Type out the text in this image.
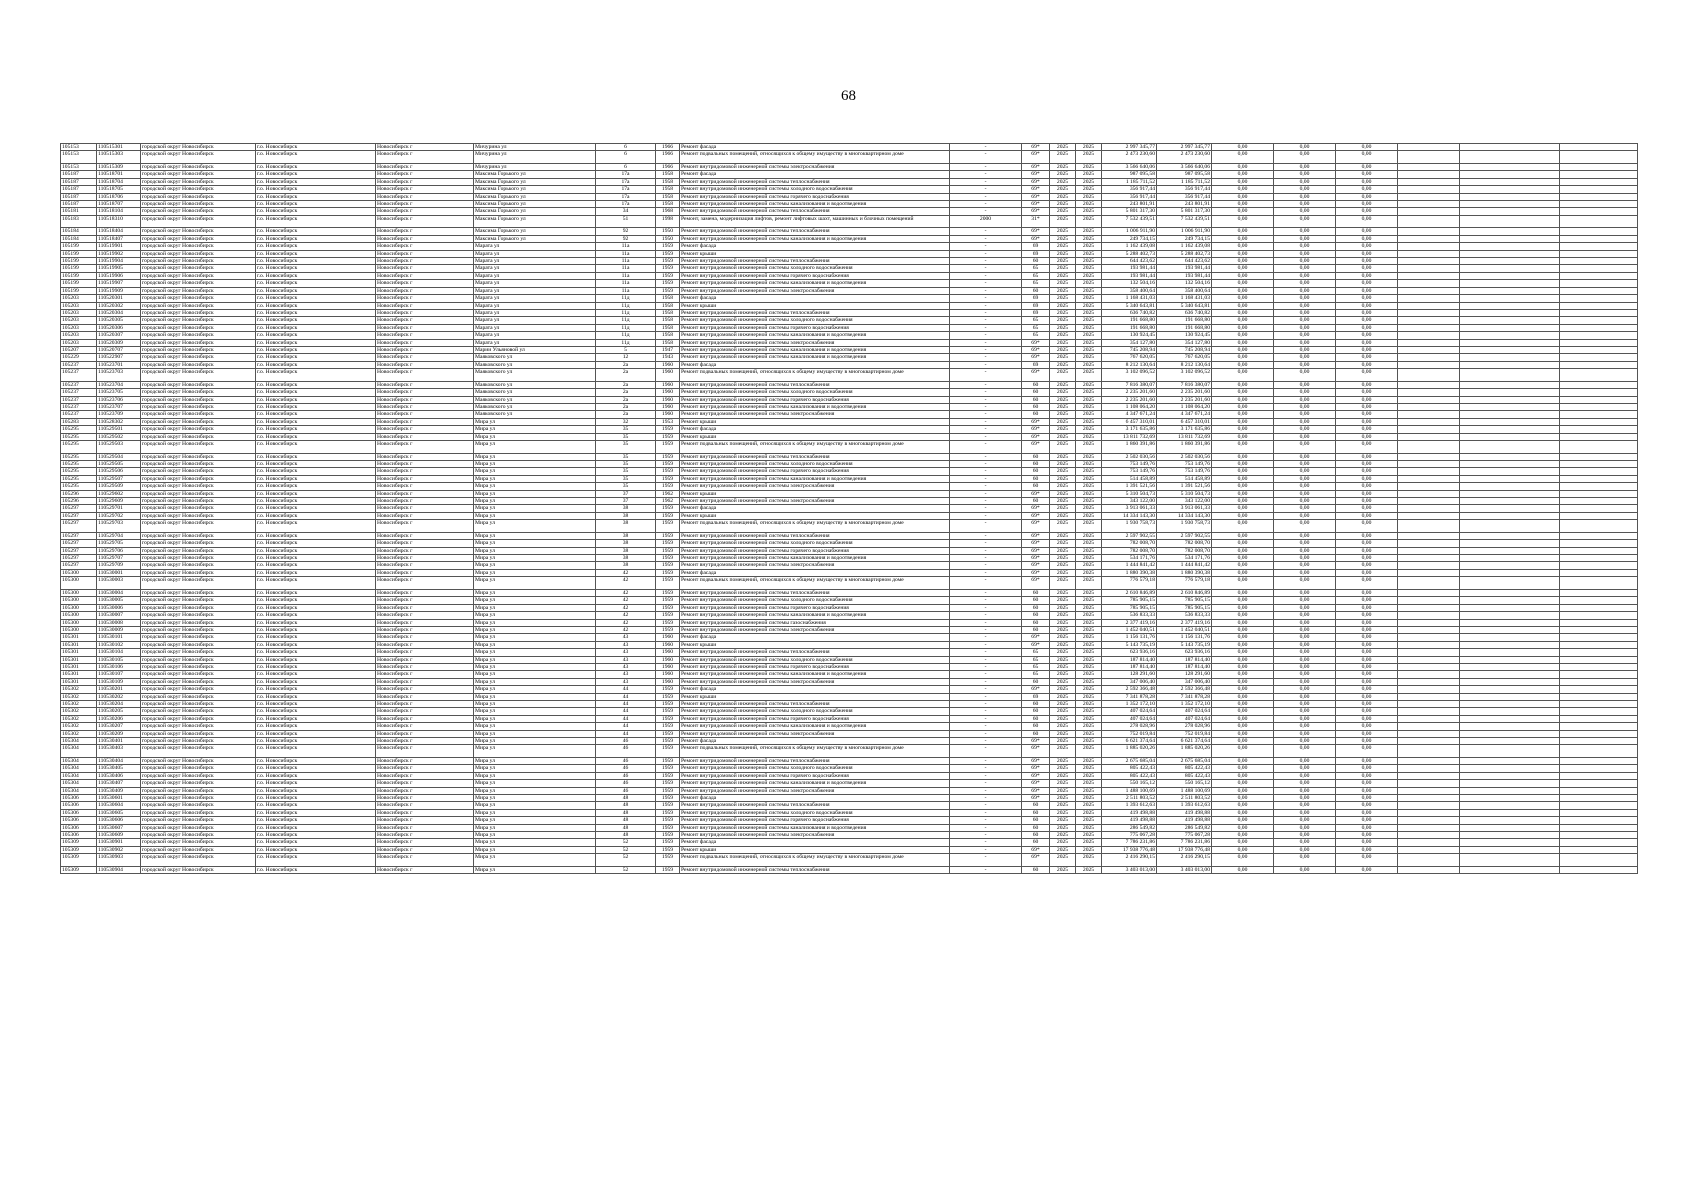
68
105153	110515301	городской округ Новосибирск	г.о. Новосибирск	Новосибирск г	Мичурина ул	6	1966	Ремонт фасада	-	69*	2025	2025	2 997 345,77	2 997 345,77	0,00	0,00	0,00			
105153	110515303	городской округ Новосибирск	г.о. Новосибирск	Новосибирск г	Мичурина ул	6	1966	Ремонт подвальных помещений, относящихся к общему имуществу в многоквартирном доме	-	69*	2025	2025	2 473 230,60	2 473 230,60	0,00	0,00	0,00			
105153	110515309	городской округ Новосибирск	г.о. Новосибирск	Новосибирск г	Мичурина ул	6	1966	Ремонт внутридомовой инженерной системы электроснабжения	-	69*	2025	2025	3 566 640,06	3 566 640,06	0,00	0,00	0,00			
105187	110518701	городской округ Новосибирск	г.о. Новосибирск	Новосибирск г	Максима Горького ул	17а	1958	Ремонт фасада	-	69*	2025	2025	987 095,58	987 095,58	0,00	0,00	0,00			
105187	110518704	городской округ Новосибирск	г.о. Новосибирск	Новосибирск г	Максима Горького ул	17а	1958	Ремонт внутридомовой инженерной системы теплоснабжения	-	69*	2025	2025	1 185 711,52	1 185 711,52	0,00	0,00	0,00			
105187	110518705	городской округ Новосибирск	г.о. Новосибирск	Новосибирск г	Максима Горького ул	17а	1958	Ремонт внутридомовой инженерной системы холодного водоснабжения	-	69*	2025	2025	356 917,44	356 917,44	0,00	0,00	0,00			
105187	110518706	городской округ Новосибирск	г.о. Новосибирск	Новосибирск г	Максима Горького ул	17а	1958	Ремонт внутридомовой инженерной системы горячего водоснабжения	-	69*	2025	2025	356 917,44	356 917,44	0,00	0,00	0,00			
105187	110518707	городской округ Новосибирск	г.о. Новосибирск	Новосибирск г	Максима Горького ул	17а	1958	Ремонт внутридомовой инженерной системы канализования и водоотведения	-	69*	2025	2025	243 801,91	243 801,91	0,00	0,00	0,00			
105181	110518104	городской округ Новосибирск	г.о. Новосибирск	Новосибирск г	Максима Горького ул	34	1968	Ремонт внутридомовой инженерной системы теплоснабжения	-	69*	2025	2025	5 801 317,30	5 801 317,30	0,00	0,00	0,00			
105183	110518310	городской округ Новосибирск	г.о. Новосибирск	Новосибирск г	Максима Горького ул	51	1998	Ремонт, замена, модернизация лифтов, ремонт лифтовых шахт, машинных и блочных помещений	2000	31*	2025	2025	7 532 439,51	7 532 439,51	0,00	0,00	0,00			
105184	110518404	городской округ Новосибирск	г.о. Новосибирск	Новосибирск г	Максима Горького ул	92	1950	Ремонт внутридомовой инженерной системы теплоснабжения	-	69*	2025	2025	1 006 911,90	1 006 911,90	0,00	0,00	0,00			
105184	110518407	городской округ Новосибирск	г.о. Новосибирск	Новосибирск г	Максима Горького ул	92	1950	Ремонт внутридомовой инженерной системы канализования и водоотведения	-	69*	2025	2025	249 734,15	249 734,15	0,00	0,00	0,00			
105199	110519901	городской округ Новосибирск	г.о. Новосибирск	Новосибирск г	Марата ул	11а	1959	Ремонт фасада	-	69	2025	2025	1 162 439,08	1 162 439,08	0,00	0,00	0,00			
105199	110519902	городской округ Новосибирск	г.о. Новосибирск	Новосибирск г	Марата ул	11а	1959	Ремонт крыши	-	69	2025	2025	5 288 402,73	5 288 402,73	0,00	0,00	0,00			
105199	110519904	городской округ Новосибирск	г.о. Новосибирск	Новосибирск г	Марата ул	11а	1959	Ремонт внутридомовой инженерной системы теплоснабжения	-	60	2025	2025	644 423,62	644 423,62	0,00	0,00	0,00			
105199	110519905	городской округ Новосибирск	г.о. Новосибирск	Новосибирск г	Марата ул	11а	1959	Ремонт внутридомовой инженерной системы холодного водоснабжения	-	65	2025	2025	193 981,44	193 981,44	0,00	0,00	0,00			
105199	110519906	городской округ Новосибирск	г.о. Новосибирск	Новосибирск г	Марата ул	11а	1959	Ремонт внутридомовой инженерной системы горячего водоснабжения	-	65	2025	2025	193 981,44	193 981,44	0,00	0,00	0,00			
105199	110519907	городской округ Новосибирск	г.о. Новосибирск	Новосибирск г	Марата ул	11а	1959	Ремонт внутридомовой инженерной системы канализования и водоотведения	-	65	2025	2025	132 504,16	132 504,16	0,00	0,00	0,00			
105199	110519909	городской округ Новосибирск	г.о. Новосибирск	Новосибирск г	Марата ул	11а	1959	Ремонт внутридомовой инженерной системы электроснабжения	-	60	2025	2025	358 400,64	358 400,64	0,00	0,00	0,00			
105203	110520301	городской округ Новосибирск	г.о. Новосибирск	Новосибирск г	Марата ул	11д	1958	Ремонт фасада	-	69	2025	2025	1 168 431,03	1 168 431,03	0,00	0,00	0,00			
105203	110520302	городской округ Новосибирск	г.о. Новосибирск	Новосибирск г	Марата ул	11д	1958	Ремонт крыши	-	69	2025	2025	5 340 643,81	5 340 643,81	0,00	0,00	0,00			
105203	110520304	городской округ Новосибирск	г.о. Новосибирск	Новосибирск г	Марата ул	11д	1958	Ремонт внутридомовой инженерной системы теплоснабжения	-	69	2025	2025	636 740,82	636 740,82	0,00	0,00	0,00			
105203	110520305	городской округ Новосибирск	г.о. Новосибирск	Новосибирск г	Марата ул	11д	1958	Ремонт внутридомовой инженерной системы холодного водоснабжения	-	65	2025	2025	191 668,80	191 668,80	0,00	0,00	0,00			
105203	110520306	городской округ Новосибирск	г.о. Новосибирск	Новосибирск г	Марата ул	11д	1958	Ремонт внутридомовой инженерной системы горячего водоснабжения	-	65	2025	2025	191 668,80	191 668,80	0,00	0,00	0,00			
105203	110520307	городской округ Новосибирск	г.о. Новосибирск	Новосибирск г	Марата ул	11д	1958	Ремонт внутридомовой инженерной системы канализования и водоотведения	-	65	2025	2025	130 924,45	130 924,45	0,00	0,00	0,00			
105203	110520309	городской округ Новосибирск	г.о. Новосибирск	Новосибирск г	Марата ул	11д	1958	Ремонт внутридомовой инженерной системы электроснабжения	-	69*	2025	2025	354 127,80	354 127,80	0,00	0,00	0,00			
105207	110520707	городской округ Новосибирск	г.о. Новосибирск	Новосибирск г	Марии Ульяновой ул	5	1947	Ремонт внутридомовой инженерной системы канализования и водоотведения	-	69*	2025	2025	745 208,94	745 208,94	0,00	0,00	0,00			
105229	110522907	городской округ Новосибирск	г.о. Новосибирск	Новосибирск г	Маяковского ул	12	1943	Ремонт внутридомовой инженерной системы канализования и водоотведения	-	69*	2025	2025	767 620,05	767 620,05	0,00	0,00	0,00			
105237	110523701	городской округ Новосибирск	г.о. Новосибирск	Новосибирск г	Маяковского ул	2а	1960	Ремонт фасада	-	69	2025	2025	8 212 130,64	8 212 130,64	0,00	0,00	0,00			
105237	110523703	городской округ Новосибирск	г.о. Новосибирск	Новосибирск г	Маяковского ул	2а	1960	Ремонт подвальных помещений, относящихся к общему имуществу в многоквартирном доме	-	69*	2025	2025	3 102 096,52	3 102 096,52	0,00	0,00	0,00			
105237	110523704	городской округ Новосибирск	г.о. Новосибирск	Новосибирск г	Маяковского ул	2а	1960	Ремонт внутридомовой инженерной системы теплоснабжения	-	60	2025	2025	7 816 380,07	7 816 380,07	0,00	0,00	0,00			
105237	110523705	городской округ Новосибирск	г.о. Новосибирск	Новосибирск г	Маяковского ул	2а	1960	Ремонт внутридомовой инженерной системы холодного водоснабжения	-	60	2025	2025	2 235 201,60	2 235 201,60	0,00	0,00	0,00			
105237	110523706	городской округ Новосибирск	г.о. Новосибирск	Новосибирск г	Маяковского ул	2а	1960	Ремонт внутридомовой инженерной системы горячего водоснабжения	-	60	2025	2025	2 235 201,60	2 235 201,60	0,00	0,00	0,00			
105237	110523707	городской округ Новосибирск	г.о. Новосибирск	Новосибирск г	Маяковского ул	2а	1960	Ремонт внутридомовой инженерной системы канализования и водоотведения	-	60	2025	2025	1 108 064,20	1 108 064,20	0,00	0,00	0,00			
105237	110523709	городской округ Новосибирск	г.о. Новосибирск	Новосибирск г	Маяковского ул	2а	1960	Ремонт внутридомовой инженерной системы электроснабжения	-	60	2025	2025	4 347 671,24	4 347 671,24	0,00	0,00	0,00			
105283	110528302	городской округ Новосибирск	г.о. Новосибирск	Новосибирск г	Мира ул	32	1953	Ремонт крыши	-	69*	2025	2025	6 457 310,01	6 457 310,01	0,00	0,00	0,00			
105295	110529501	городской округ Новосибирск	г.о. Новосибирск	Новосибирск г	Мира ул	35	1959	Ремонт фасада	-	69*	2025	2025	3 171 635,86	3 171 635,86	0,00	0,00	0,00			
105295	110529502	городской округ Новосибирск	г.о. Новосибирск	Новосибирск г	Мира ул	35	1959	Ремонт крыши	-	69*	2025	2025	13 811 732,69	13 811 732,69	0,00	0,00	0,00			
105295	110529503	городской округ Новосибирск	г.о. Новосибирск	Новосибирск г	Мира ул	35	1959	Ремонт подвальных помещений, относящихся к общему имуществу в многоквартирном доме	-	69*	2025	2025	1 860 391,86	1 860 391,86	0,00	0,00	0,00			
105295	110529504	городской округ Новосибирск	г.о. Новосибирск	Новосибирск г	Мира ул	35	1959	Ремонт внутридомовой инженерной системы теплоснабжения	-	60	2025	2025	2 502 030,56	2 502 030,56	0,00	0,00	0,00			
105295	110529505	городской округ Новосибирск	г.о. Новосибирск	Новосибирск г	Мира ул	35	1959	Ремонт внутридомовой инженерной системы холодного водоснабжения	-	60	2025	2025	753 149,76	753 149,76	0,00	0,00	0,00			
105295	110529506	городской округ Новосибирск	г.о. Новосибирск	Новосибирск г	Мира ул	35	1959	Ремонт внутридомовой инженерной системы горячего водоснабжения	-	60	2025	2025	753 149,76	753 149,76	0,00	0,00	0,00			
105295	110529507	городской округ Новосибирск	г.о. Новосибирск	Новосибирск г	Мира ул	35	1959	Ремонт внутридомовой инженерной системы канализования и водоотведения	-	60	2025	2025	514 458,89	514 458,89	0,00	0,00	0,00			
105295	110529509	городской округ Новосибирск	г.о. Новосибирск	Новосибирск г	Мира ул	35	1959	Ремонт внутридомовой инженерной системы электроснабжения	-	60	2025	2025	1 391 521,56	1 391 521,56	0,00	0,00	0,00			
105296	110529602	городской округ Новосибирск	г.о. Новосибирск	Новосибирск г	Мира ул	37	1962	Ремонт крыши	-	69*	2025	2025	5 310 504,73	5 310 504,73	0,00	0,00	0,00			
105296	110529609	городской округ Новосибирск	г.о. Новосибирск	Новосибирск г	Мира ул	37	1962	Ремонт внутридомовой инженерной системы электроснабжения	-	60	2025	2025	343 122,00	343 122,00	0,00	0,00	0,00			
105297	110529701	городской округ Новосибирск	г.о. Новосибирск	Новосибирск г	Мира ул	38	1959	Ремонт фасада	-	69*	2025	2025	3 913 061,33	3 913 061,33	0,00	0,00	0,00			
105297	110529702	городской округ Новосибирск	г.о. Новосибирск	Новосибирск г	Мира ул	38	1959	Ремонт крыши	-	69*	2025	2025	14 334 143,30	14 334 143,30	0,00	0,00	0,00			
105297	110529703	городской округ Новосибирск	г.о. Новосибирск	Новосибирск г	Мира ул	38	1959	Ремонт подвальных помещений, относящихся к общему имуществу в многоквартирном доме	-	69*	2025	2025	1 930 758,73	1 930 758,73	0,00	0,00	0,00			
105297	110529704	городской округ Новосибирск	г.о. Новосибирск	Новосибирск г	Мира ул	38	1959	Ремонт внутридомовой инженерной системы теплоснабжения	-	69*	2025	2025	2 597 902,55	2 597 902,55	0,00	0,00	0,00			
105297	110529705	городской округ Новосибирск	г.о. Новосибирск	Новосибирск г	Мира ул	38	1959	Ремонт внутридомовой инженерной системы холодного водоснабжения	-	69*	2025	2025	782 008,70	782 008,70	0,00	0,00	0,00			
105297	110529706	городской округ Новосибирск	г.о. Новосибирск	Новосибирск г	Мира ул	38	1959	Ремонт внутридомовой инженерной системы горячего водоснабжения	-	69*	2025	2025	782 008,70	782 008,70	0,00	0,00	0,00			
105297	110529707	городской округ Новосибирск	г.о. Новосибирск	Новосибирск г	Мира ул	38	1959	Ремонт внутридомовой инженерной системы канализования и водоотведения	-	69*	2025	2025	534 171,76	534 171,76	0,00	0,00	0,00			
105297	110529709	городской округ Новосибирск	г.о. Новосибирск	Новосибирск г	Мира ул	38	1959	Ремонт внутридомовой инженерной системы электроснабжения	-	69*	2025	2025	1 444 841,42	1 444 841,42	0,00	0,00	0,00			
105300	110530001	городской округ Новосибирск	г.о. Новосибирск	Новосибирск г	Мира ул	42	1959	Ремонт фасада	-	69*	2025	2025	1 880 390,38	1 880 390,38	0,00	0,00	0,00			
105300	110530003	городской округ Новосибирск	г.о. Новосибирск	Новосибирск г	Мира ул	42	1959	Ремонт подвальных помещений, относящихся к общему имуществу в многоквартирном доме	-	69*	2025	2025	776 579,18	776 579,18	0,00	0,00	0,00			
105300	110530004	городской округ Новосибирск	г.о. Новосибирск	Новосибирск г	Мира ул	42	1959	Ремонт внутридомовой инженерной системы теплоснабжения	-	60	2025	2025	2 610 846,89	2 610 846,89	0,00	0,00	0,00			
105300	110530005	городской округ Новосибирск	г.о. Новосибирск	Новосибирск г	Мира ул	42	1959	Ремонт внутридомовой инженерной системы холодного водоснабжения	-	60	2025	2025	785 905,15	785 905,15	0,00	0,00	0,00			
105300	110530006	городской округ Новосибирск	г.о. Новосибирск	Новосибирск г	Мира ул	42	1959	Ремонт внутридомовой инженерной системы горячего водоснабжения	-	60	2025	2025	785 905,15	785 905,15	0,00	0,00	0,00			
105300	110530007	городской округ Новосибирск	г.о. Новосибирск	Новосибирск г	Мира ул	42	1959	Ремонт внутридомовой инженерной системы канализования и водоотведения	-	60	2025	2025	536 833,33	536 833,33	0,00	0,00	0,00			
105300	110530008	городской округ Новосибирск	г.о. Новосибирск	Новосибирск г	Мира ул	42	1959	Ремонт внутридомовой инженерной системы газоснабжения	-	60	2025	2025	2 377 419,16	2 377 419,16	0,00	0,00	0,00			
105300	110530009	городской округ Новосибирск	г.о. Новосибирск	Новосибирск г	Мира ул	42	1959	Ремонт внутридомовой инженерной системы электроснабжения	-	60	2025	2025	1 452 040,51	1 452 040,51	0,00	0,00	0,00			
105301	110530101	городской округ Новосибирск	г.о. Новосибирск	Новосибирск г	Мира ул	43	1960	Ремонт фасада	-	69*	2025	2025	1 156 131,76	1 156 131,76	0,00	0,00	0,00			
105301	110530102	городской округ Новосибирск	г.о. Новосибирск	Новосибирск г	Мира ул	43	1960	Ремонт крыши	-	69*	2025	2025	5 143 735,19	5 143 735,19	0,00	0,00	0,00			
105301	110530104	городской округ Новосибирск	г.о. Новосибирск	Новосибирск г	Мира ул	43	1960	Ремонт внутридомовой инженерной системы теплоснабжения	-	65	2025	2025	623 936,16	623 936,16	0,00	0,00	0,00			
105301	110530105	городской округ Новосибирск	г.о. Новосибирск	Новосибирск г	Мира ул	43	1960	Ремонт внутридомовой инженерной системы холодного водоснабжения	-	65	2025	2025	187 814,40	187 814,40	0,00	0,00	0,00			
105301	110530106	городской округ Новосибирск	г.о. Новосибирск	Новосибирск г	Мира ул	43	1960	Ремонт внутридомовой инженерной системы горячего водоснабжения	-	65	2025	2025	187 814,40	187 814,40	0,00	0,00	0,00			
105301	110530107	городской округ Новосибирск	г.о. Новосибирск	Новосибирск г	Мира ул	43	1960	Ремонт внутридомовой инженерной системы канализования и водоотведения	-	65	2025	2025	128 291,60	128 291,60	0,00	0,00	0,00			
105301	110530109	городской округ Новосибирск	г.о. Новосибирск	Новосибирск г	Мира ул	43	1960	Ремонт внутридомовой инженерной системы электроснабжения	-	60	2025	2025	347 006,40	347 006,40	0,00	0,00	0,00			
105302	110530201	городской округ Новосибирск	г.о. Новосибирск	Новосибирск г	Мира ул	44	1959	Ремонт фасада	-	69*	2025	2025	2 592 366,48	2 592 366,48	0,00	0,00	0,00			
105302	110530202	городской округ Новосибирск	г.о. Новосибирск	Новосибирск г	Мира ул	44	1959	Ремонт крыши	-	69	2025	2025	7 341 878,28	7 341 878,28	0,00	0,00	0,00			
105302	110530204	городской округ Новосибирск	г.о. Новосибирск	Новосибирск г	Мира ул	44	1959	Ремонт внутридомовой инженерной системы теплоснабжения	-	60	2025	2025	1 352 172,10	1 352 172,10	0,00	0,00	0,00			
105302	110530205	городской округ Новосибирск	г.о. Новосибирск	Новосибирск г	Мира ул	44	1959	Ремонт внутридомовой инженерной системы холодного водоснабжения	-	60	2025	2025	407 024,64	407 024,64	0,00	0,00	0,00			
105302	110530206	городской округ Новосибирск	г.о. Новосибирск	Новосибирск г	Мира ул	44	1959	Ремонт внутридомовой инженерной системы горячего водоснабжения	-	60	2025	2025	407 024,64	407 024,64	0,00	0,00	0,00			
105302	110530207	городской округ Новосибирск	г.о. Новосибирск	Новосибирск г	Мира ул	44	1959	Ремонт внутридомовой инженерной системы канализования и водоотведения	-	60	2025	2025	278 028,96	278 028,96	0,00	0,00	0,00			
105302	110530209	городской округ Новосибирск	г.о. Новосибирск	Новосибирск г	Мира ул	44	1959	Ремонт внутридомовой инженерной системы электроснабжения	-	60	2025	2025	752 019,84	752 019,84	0,00	0,00	0,00			
105304	110530401	городской округ Новосибирск	г.о. Новосибирск	Новосибирск г	Мира ул	46	1959	Ремонт фасада	-	69*	2025	2025	6 621 374,64	6 621 374,64	0,00	0,00	0,00			
105304	110530403	городской округ Новосибирск	г.о. Новосибирск	Новосибирск г	Мира ул	46	1959	Ремонт подвальных помещений, относящихся к общему имуществу в многоквартирном доме	-	69*	2025	2025	1 885 020,26	1 885 020,26	0,00	0,00	0,00			
105304	110530404	городской округ Новосибирск	г.о. Новосибирск	Новосибирск г	Мира ул	46	1959	Ремонт внутридомовой инженерной системы теплоснабжения	-	69*	2025	2025	2 675 685,04	2 675 685,04	0,00	0,00	0,00			
105304	110530405	городской округ Новосибирск	г.о. Новосибирск	Новосибирск г	Мира ул	46	1959	Ремонт внутридомовой инженерной системы холодного водоснабжения	-	69*	2025	2025	805 422,43	805 422,43	0,00	0,00	0,00			
105304	110530406	городской округ Новосибирск	г.о. Новосибирск	Новосибирск г	Мира ул	46	1959	Ремонт внутридомовой инженерной системы горячего водоснабжения	-	69*	2025	2025	805 422,43	805 422,43	0,00	0,00	0,00			
105304	110530407	городской округ Новосибирск	г.о. Новосибирск	Новосибирск г	Мира ул	46	1959	Ремонт внутридомовой инженерной системы канализования и водоотведения	-	69*	2025	2025	550 165,12	550 165,12	0,00	0,00	0,00			
105304	110530409	городской округ Новосибирск	г.о. Новосибирск	Новосибирск г	Мира ул	46	1959	Ремонт внутридомовой инженерной системы электроснабжения	-	69*	2025	2025	1 488 100,69	1 488 100,69	0,00	0,00	0,00			
105306	110530601	городской округ Новосибирск	г.о. Новосибирск	Новосибирск г	Мира ул	48	1959	Ремонт фасада	-	69*	2025	2025	2 511 803,52	2 511 803,52	0,00	0,00	0,00			
105306	110530604	городской округ Новосибирск	г.о. Новосибирск	Новосибирск г	Мира ул	48	1959	Ремонт внутридомовой инженерной системы теплоснабжения	-	60	2025	2025	1 393 612,63	1 393 612,63	0,00	0,00	0,00			
105306	110530605	городской округ Новосибирск	г.о. Новосибирск	Новосибирск г	Мира ул	48	1959	Ремонт внутридомовой инженерной системы холодного водоснабжения	-	60	2025	2025	419 498,88	419 498,88	0,00	0,00	0,00			
105306	110530606	городской округ Новосибирск	г.о. Новосибирск	Новосибирск г	Мира ул	48	1959	Ремонт внутридомовой инженерной системы горячего водоснабжения	-	60	2025	2025	419 498,88	419 498,88	0,00	0,00	0,00			
105306	110530607	городской округ Новосибирск	г.о. Новосибирск	Новосибирск г	Мира ул	48	1959	Ремонт внутридомовой инженерной системы канализования и водоотведения	-	60	2025	2025	286 549,82	286 549,82	0,00	0,00	0,00			
105306	110530609	городской округ Новосибирск	г.о. Новосибирск	Новосибирск г	Мира ул	48	1959	Ремонт внутридомовой инженерной системы электроснабжения	-	60	2025	2025	775 067,28	775 067,28	0,00	0,00	0,00			
105309	110530901	городской округ Новосибирск	г.о. Новосибирск	Новосибирск г	Мира ул	52	1959	Ремонт фасада	-	60	2025	2025	7 786 231,86	7 786 231,86	0,00	0,00	0,00			
105309	110530902	городской округ Новосибирск	г.о. Новосибирск	Новосибирск г	Мира ул	52	1959	Ремонт крыши	-	69*	2025	2025	17 938 776,48	17 938 776,48	0,00	0,00	0,00			
105309	110530903	городской округ Новосибирск	г.о. Новосибирск	Новосибирск г	Мира ул	52	1959	Ремонт подвальных помещений, относящихся к общему имуществу в многоквартирном доме	-	69*	2025	2025	2 416 290,15	2 416 290,15	0,00	0,00	0,00			
105309	110530904	городской округ Новосибирск	г.о. Новосибирск	Новосибирск г	Мира ул	52	1959	Ремонт внутридомовой инженерной системы теплоснабжения	-	60	2025	2025	3 403 013,00	3 403 013,00	0,00	0,00	0,00			
